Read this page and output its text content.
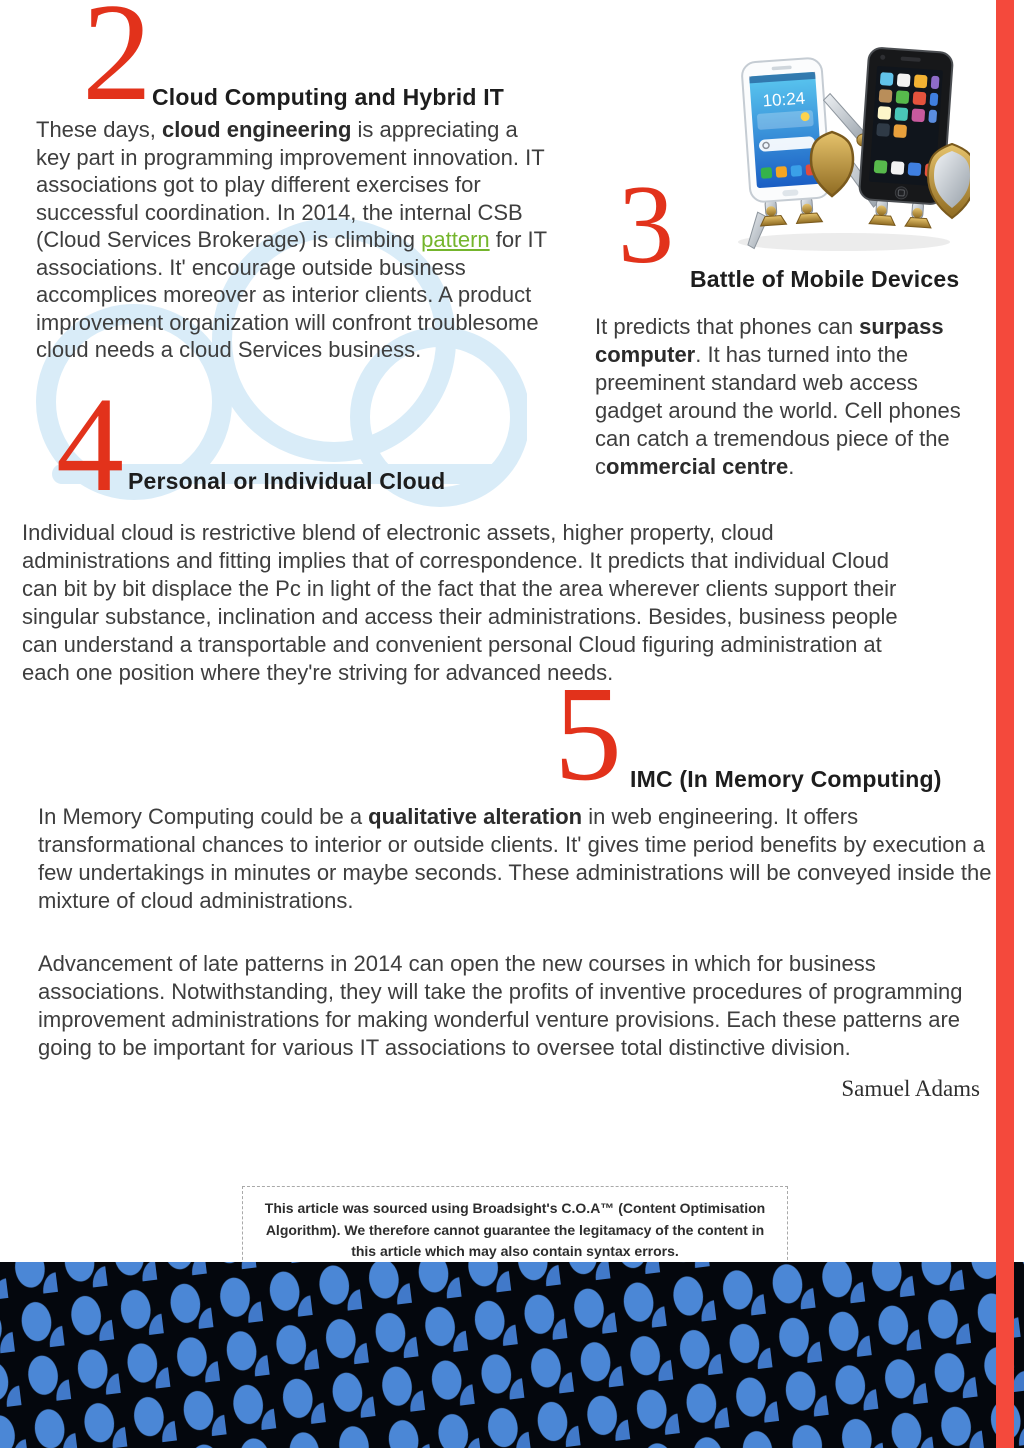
10:24
2 Cloud Computing and Hybrid IT
These days, cloud engineering is appreciating a key part in programming improvement innovation. IT associations got to play different exercises for successful coordination. In 2014, the internal CSB (Cloud Services Brokerage) is climbing pattern for IT associations. It' encourage outside business accomplices moreover as interior clients. A product improvement organization will confront troublesome cloud needs a cloud Services business.
3 Battle of Mobile Devices
It predicts that phones can surpass computer. It has turned into the preeminent standard web access gadget around the world. Cell phones can catch a tremendous piece of the commercial centre.
4 Personal or Individual Cloud
Individual cloud is restrictive blend of electronic assets, higher property, cloud administrations and fitting implies that of correspondence. It predicts that individual Cloud can bit by bit displace the Pc in light of the fact that the area wherever clients support their singular substance, inclination and access their administrations. Besides, business people can understand a transportable and convenient personal Cloud figuring administration at each one position where they're striving for advanced needs.
5 IMC (In Memory Computing)
In Memory Computing could be a qualitative alteration in web engineering. It offers transformational chances to interior or outside clients. It' gives time period benefits by execution a few undertakings in minutes or maybe seconds. These administrations will be conveyed inside the mixture of cloud administrations.
Advancement of late patterns in 2014 can open the new courses in which for business associations. Notwithstanding, they will take the profits of inventive procedures of programming improvement administrations for making wonderful venture provisions. Each these patterns are going to be important for various IT associations to oversee total distinctive division.
Samuel Adams
This article was sourced using Broadsight's C.O.A™ (Content Optimisation Algorithm). We therefore cannot guarantee the legitamacy of the content in this article which may also contain syntax errors.
